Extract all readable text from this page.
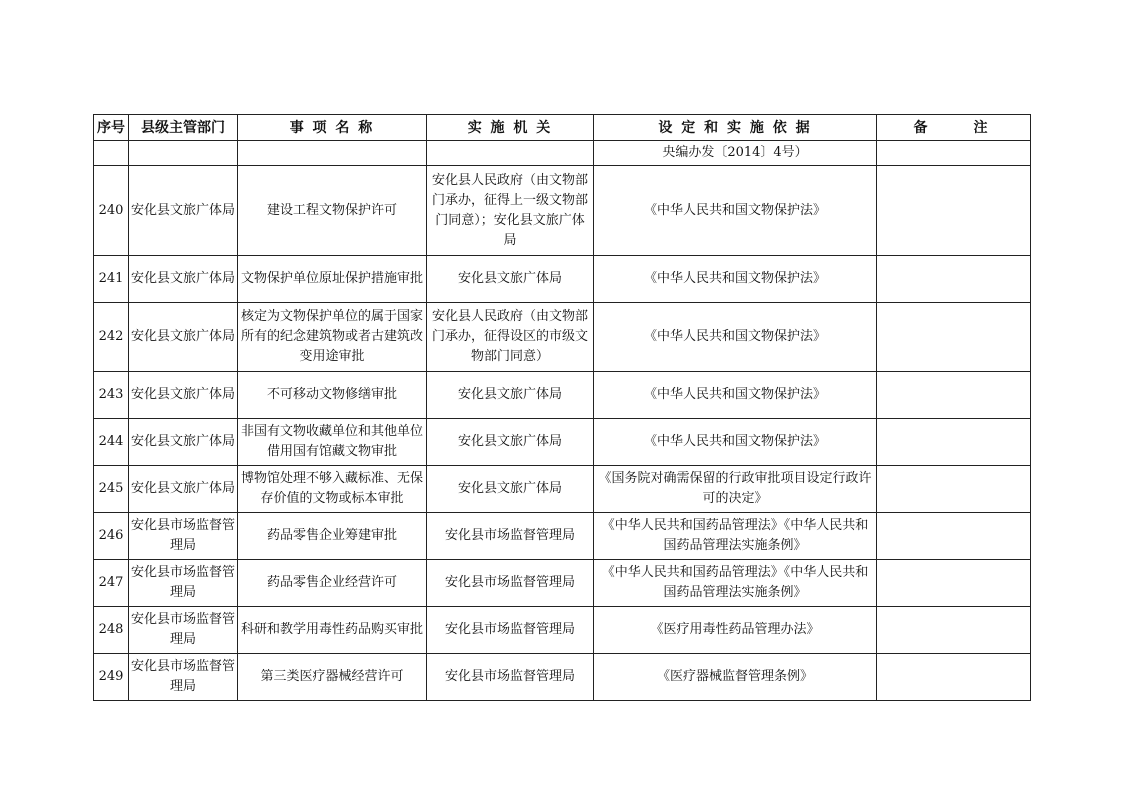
序号	县级主管部门	事 项 名 称	实 施 机 关	设 定 和 实 施 依 据	备　　注
				央编办发〔2014〕4号）	
240	安化县文旅广体局	建设工程文物保护许可	安化县人民政府（由文物部门承办，征得上一级文物部门同意）；安化县文旅广体局	《中华人民共和国文物保护法》	
241	安化县文旅广体局	文物保护单位原址保护措施审批	安化县文旅广体局	《中华人民共和国文物保护法》	
242	安化县文旅广体局	核定为文物保护单位的属于国家所有的纪念建筑物或者古建筑改变用途审批	安化县人民政府（由文物部门承办，征得设区的市级文物部门同意）	《中华人民共和国文物保护法》	
243	安化县文旅广体局	不可移动文物修缮审批	安化县文旅广体局	《中华人民共和国文物保护法》	
244	安化县文旅广体局	非国有文物收藏单位和其他单位借用国有馆藏文物审批	安化县文旅广体局	《中华人民共和国文物保护法》	
245	安化县文旅广体局	博物馆处理不够入藏标准、无保存价值的文物或标本审批	安化县文旅广体局	《国务院对确需保留的行政审批项目设定行政许可的决定》	
246	安化县市场监督管理局	药品零售企业筹建审批	安化县市场监督管理局	《中华人民共和国药品管理法》《中华人民共和国药品管理法实施条例》	
247	安化县市场监督管理局	药品零售企业经营许可	安化县市场监督管理局	《中华人民共和国药品管理法》《中华人民共和国药品管理法实施条例》	
248	安化县市场监督管理局	科研和教学用毒性药品购买审批	安化县市场监督管理局	《医疗用毒性药品管理办法》	
249	安化县市场监督管理局	第三类医疗器械经营许可	安化县市场监督管理局	《医疗器械监督管理条例》	
